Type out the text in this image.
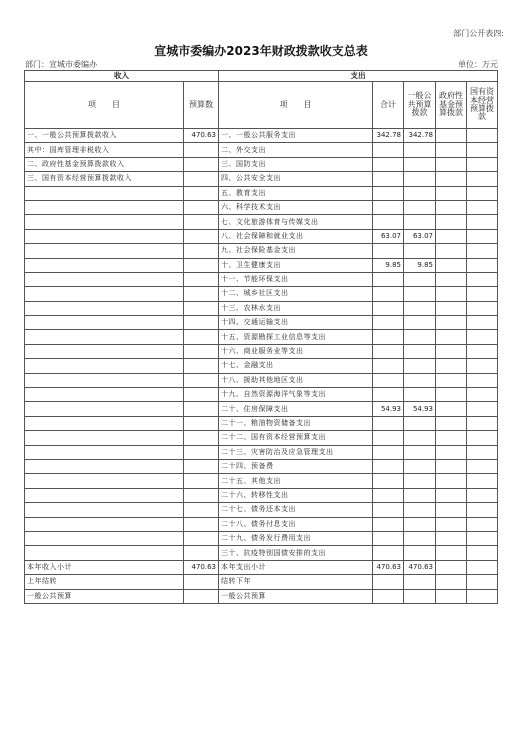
部门公开表四:
宣城市委编办2023年财政拨款收支总表
部门：宣城市委编办	单位：万元
收入		支出				
项　　目	预算数	项　　目	合计	一般公共预算拨款	政府性基金预算拨款	国有资本经营预算拨款
一、一般公共预算拨款收入	470.63	一、一般公共服务支出	342.78	342.78		
其中：国库管理非税收入		二、外交支出				
二、政府性基金预算拨款收入		三、国防支出				
三、国有资本经营预算拨款收入		四、公共安全支出				
		五、教育支出				
		六、科学技术支出				
		七、文化旅游体育与传媒支出				
		八、社会保障和就业支出	63.07	63.07		
		九、社会保险基金支出				
		十、卫生健康支出	9.85	9.85		
		十一、节能环保支出				
		十二、城乡社区支出				
		十三、农林水支出				
		十四、交通运输支出				
		十五、资源勘探工业信息等支出				
		十六、商业服务业等支出				
		十七、金融支出				
		十八、援助其他地区支出				
		十九、自然资源海洋气象等支出				
		二十、住房保障支出	54.93	54.93		
		二十一、粮油物资储备支出				
		二十二、国有资本经营预算支出				
		二十三、灾害防治及应急管理支出				
		二十四、预备费				
		二十五、其他支出				
		二十六、转移性支出				
		二十七、债务还本支出				
		二十八、债务付息支出				
		二十九、债务发行费用支出				
		三十、抗疫特别国债安排的支出				
本年收入小计	470.63	本年支出小计	470.63	470.63		
上年结转		结转下年				
一般公共预算		一般公共预算				
